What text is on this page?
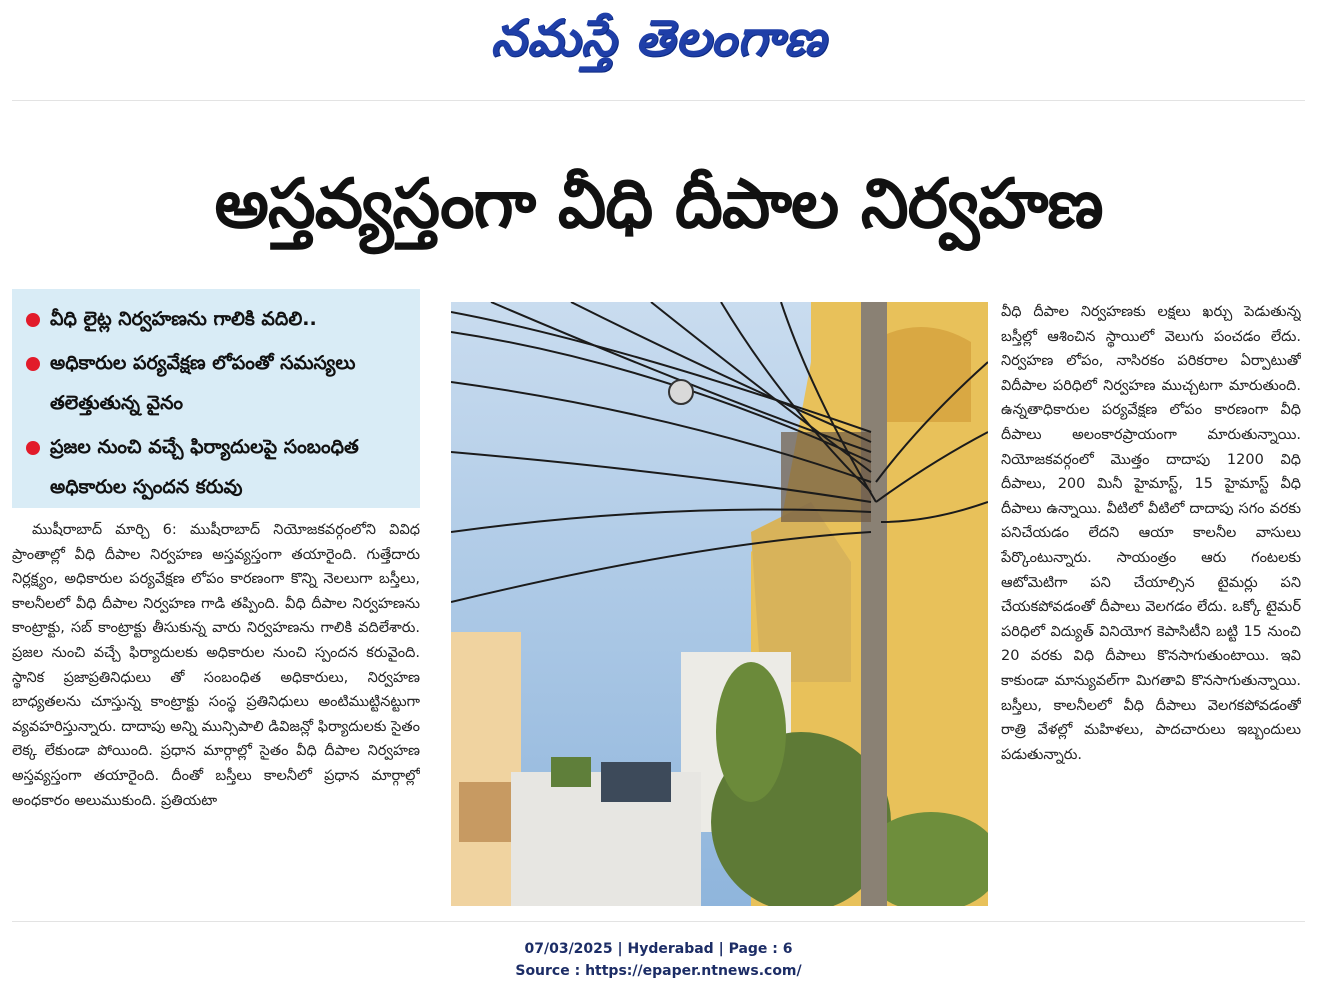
నమస్తే తెలంగాణ
అస్తవ్యస్తంగా వీధి దీపాల నిర్వహణ
వీధి లైట్ల నిర్వహణను గాలికి వదిలి..
అధికారుల పర్యవేక్షణ లోపంతో సమస్యలు తలెత్తుతున్న వైనం
ప్రజల నుంచి వచ్చే ఫిర్యాదులపై సంబంధిత అధికారుల స్పందన కరువు

ముషీరాబాద్ మార్చి 6: ముషీరాబాద్ నియోజకవర్గంలోని వివిధ ప్రాంతాల్లో వీధి దీపాల నిర్వహణ అస్తవ్యస్తంగా తయారైంది. గుత్తేదారు నిర్లక్ష్యం, అధికారుల పర్యవేక్షణ లోపం కారణంగా కొన్ని నెలలుగా బస్తీలు, కాలనీలలో వీధి దీపాల నిర్వహణ గాడి తప్పింది. వీధి దీపాల నిర్వహణను కాంట్రాక్టు, సబ్ కాంట్రాక్టు తీసుకున్న వారు నిర్వహణను గాలికి వదిలేశారు. ప్రజల నుంచి వచ్చే ఫిర్యాదులకు అధికారుల నుంచి స్పందన కరువైంది. స్థానిక ప్రజాప్రతినిధులు తో సంబంధిత అధికారులు, నిర్వహణ బాధ్యతలను చూస్తున్న కాంట్రాక్టు సంస్థ ప్రతినిధులు అంటిముట్టినట్టుగా వ్యవహరిస్తున్నారు. దాదాపు అన్ని మున్సిపాలి డివిజన్లో ఫిర్యాదులకు సైతం లెక్క లేకుండా పోయింది. ప్రధాన మార్గాల్లో సైతం వీధి దీపాల నిర్వహణ అస్తవ్యస్తంగా తయారైంది. దీంతో బస్తీలు కాలనీలో ప్రధాన మార్గాల్లో అంధకారం అలుముకుంది. ప్రతియటా

వీధి దీపాల నిర్వహణకు లక్షలు ఖర్చు పెడుతున్న బస్తీల్లో ఆశించిన స్థాయిలో వెలుగు పంచడం లేదు. నిర్వహణ లోపం, నాసిరకం పరికరాల ఏర్పాటుతో విదీపాల పరిధిలో నిర్వహణ ముచ్చటగా మారుతుంది. ఉన్నతాధికారుల పర్యవేక్షణ లోపం కారణంగా వీధి దీపాలు అలంకారప్రాయంగా మారుతున్నాయి. నియోజకవర్గంలో మొత్తం దాదాపు 1200 విధి దీపాలు, 200 మినీ హైమాస్ట్, 15 హైమాస్ట్ వీధి దీపాలు ఉన్నాయి. వీటిలో వీటిలో దాదాపు సగం వరకు పనిచేయడం లేదని ఆయా కాలనీల వాసులు పేర్కొంటున్నారు. సాయంత్రం ఆరు గంటలకు ఆటోమెటిగా పని చేయాల్సిన టైమర్లు పని చేయకపోవడంతో దీపాలు వెలగడం లేదు. ఒక్కో టైమర్ పరిధిలో విద్యుత్ వినియోగ కెపాసిటీని బట్టి 15 నుంచి 20 వరకు విధి దీపాలు కొనసాగుతుంటాయి. ఇవి కాకుండా మాన్యువల్‌గా మిగతావి కొనసాగుతున్నాయి. బస్తీలు, కాలనీలలో వీధి దీపాలు వెలగకపోవడంతో రాత్రి వేళల్లో మహిళలు, పాదచారులు ఇబ్బందులు పడుతున్నారు.

07/03/2025 | Hyderabad | Page : 6
Source : https://epaper.ntnews.com/
